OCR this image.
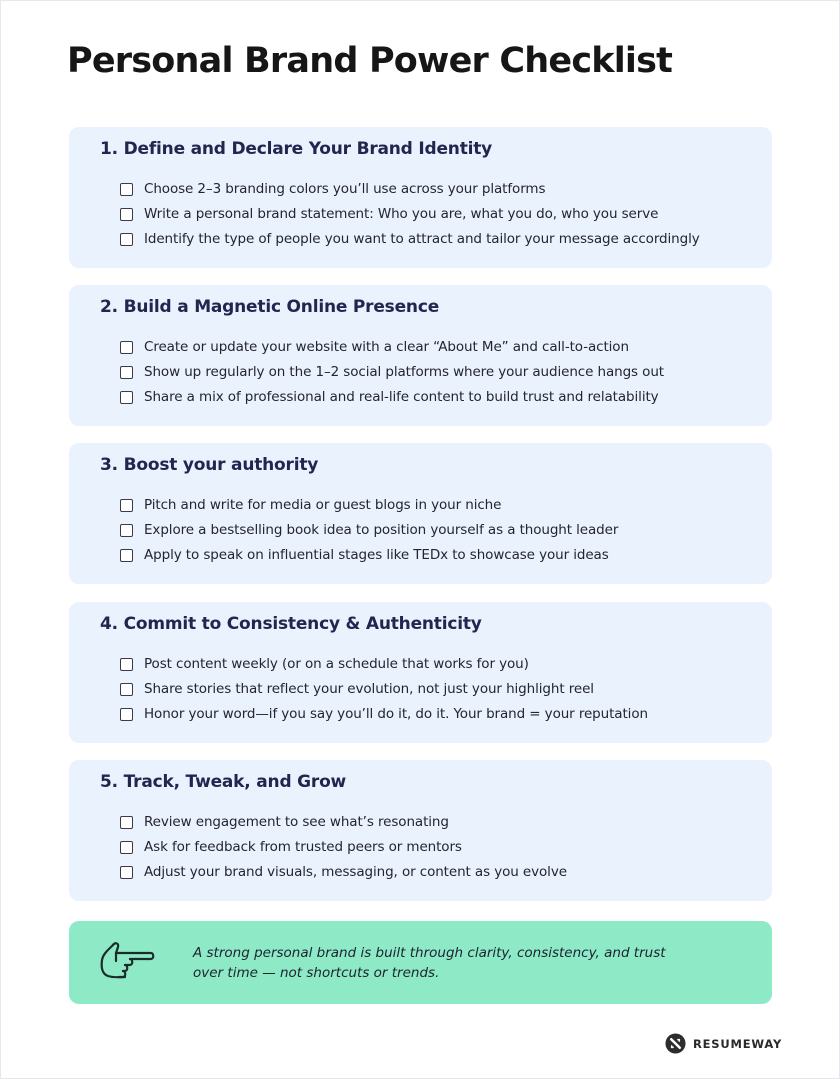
Personal Brand Power Checklist
1. Define and Declare Your Brand Identity
Choose 2–3 branding colors you’ll use across your platforms
Write a personal brand statement: Who you are, what you do, who you serve
Identify the type of people you want to attract and tailor your message accordingly
2. Build a Magnetic Online Presence
Create or update your website with a clear “About Me” and call-to-action
Show up regularly on the 1–2 social platforms where your audience hangs out
Share a mix of professional and real-life content to build trust and relatability
3. Boost your authority
Pitch and write for media or guest blogs in your niche
Explore a bestselling book idea to position yourself as a thought leader
Apply to speak on influential stages like TEDx to showcase your ideas
4. Commit to Consistency & Authenticity
Post content weekly (or on a schedule that works for you)
Share stories that reflect your evolution, not just your highlight reel
Honor your word—if you say you’ll do it, do it. Your brand = your reputation
5. Track, Tweak, and Grow
Review engagement to see what’s resonating
Ask for feedback from trusted peers or mentors
Adjust your brand visuals, messaging, or content as you evolve
A strong personal brand is built through clarity, consistency, and trust
over time — not shortcuts or trends.
RESUMEWAY
